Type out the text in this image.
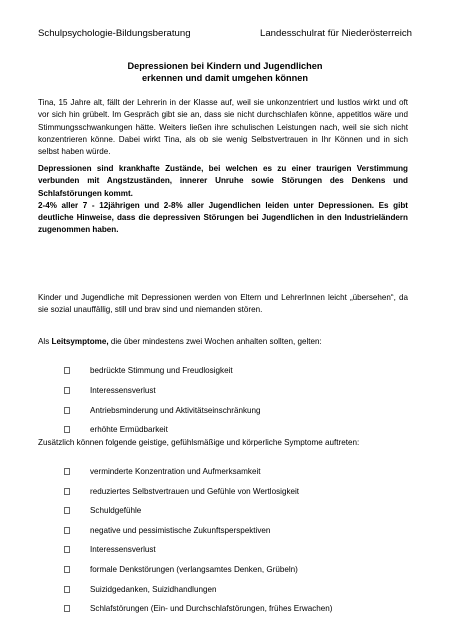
Schulpsychologie-Bildungsberatung	Landesschulrat für Niederösterreich
Depressionen bei Kindern und Jugendlichen
erkennen und damit umgehen können
Tina, 15 Jahre alt, fällt der Lehrerin in der Klasse auf, weil sie unkonzentriert und lustlos wirkt und oft vor sich hin grübelt. Im Gespräch gibt sie an, dass sie nicht durchschlafen könne, appetitlos wäre und Stimmungsschwankungen hätte. Weiters ließen ihre schulischen Leistungen nach, weil sie sich nicht konzentrieren könne. Dabei wirkt Tina, als ob sie wenig Selbstvertrauen in Ihr Können und in sich selbst haben würde.
Depressionen sind krankhafte Zustände, bei welchen es zu einer traurigen Verstimmung verbunden mit Angstzuständen, innerer Unruhe sowie Störungen des Denkens und Schlafstörungen kommt.
2-4% aller 7 - 12jährigen und 2-8% aller Jugendlichen leiden unter Depressionen. Es gibt deutliche Hinweise, dass die depressiven Störungen bei Jugendlichen in den Industrieländern zugenommen haben.
Kinder und Jugendliche mit Depressionen werden von Eltern und LehrerInnen leicht „übersehen“, da sie sozial unauffällig, still und brav sind und niemanden stören.
Als Leitsymptome, die über mindestens zwei Wochen anhalten sollten, gelten:
bedrückte Stimmung und Freudlosigkeit
Interessensverlust
Antriebsminderung und Aktivitätseinschränkung
erhöhte Ermüdbarkeit
Zusätzlich können folgende geistige, gefühlsmäßige und körperliche Symptome auftreten:
verminderte Konzentration und Aufmerksamkeit
reduziertes Selbstvertrauen und Gefühle von Wertlosigkeit
Schuldgefühle
negative und pessimistische Zukunftsperspektiven
Interessensverlust
formale Denkstörungen (verlangsamtes Denken, Grübeln)
Suizidgedanken, Suizidhandlungen
Schlafstörungen (Ein- und Durchschlafstörungen, frühes Erwachen)
